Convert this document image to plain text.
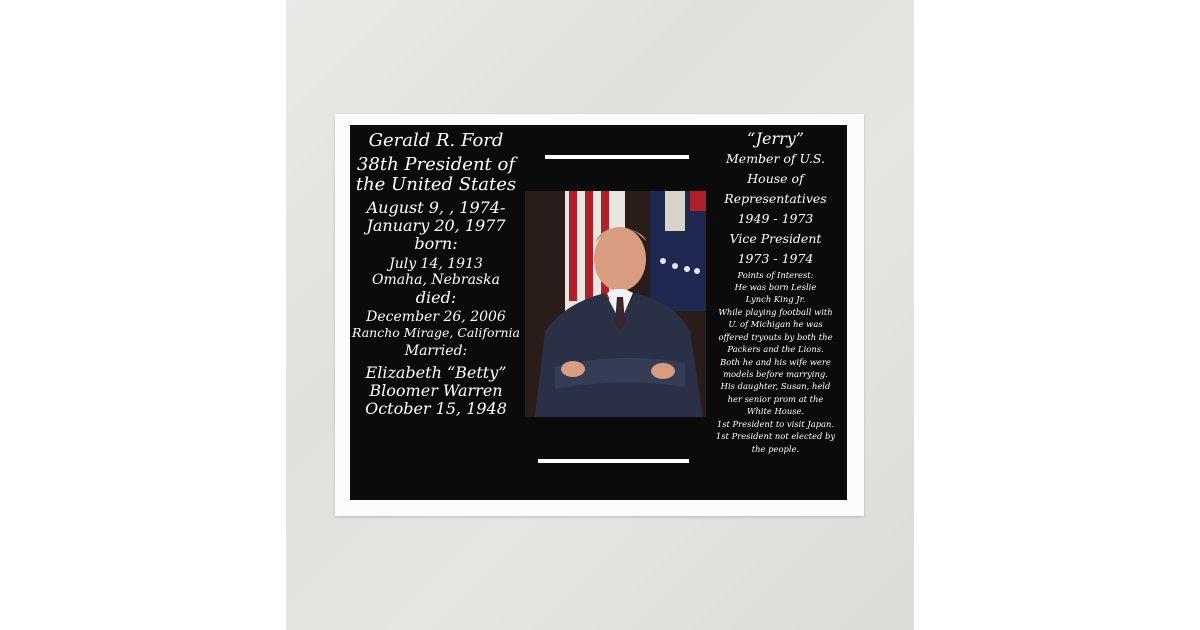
Gerald R. Ford
38th President of
the United States
August 9, , 1974-
January 20, 1977
born:
July 14, 1913
Omaha, Nebraska
died:
December 26, 2006
Rancho Mirage, California
Married:
Elizabeth “Betty”
Bloomer Warren
October 15, 1948
“Jerry”
Member of U.S.
House of
Representatives
1949 - 1973
Vice President
1973 - 1974
Points of Interest:
He was born Leslie
Lynch King Jr.
While playing football with
U. of Michigan he was
offered tryouts by both the
Packers and the Lions.
Both he and his wife were
models before marrying.
His daughter, Susan, held
her senior prom at the
White House.
1st President to visit Japan.
1st President not elected by
the people.
